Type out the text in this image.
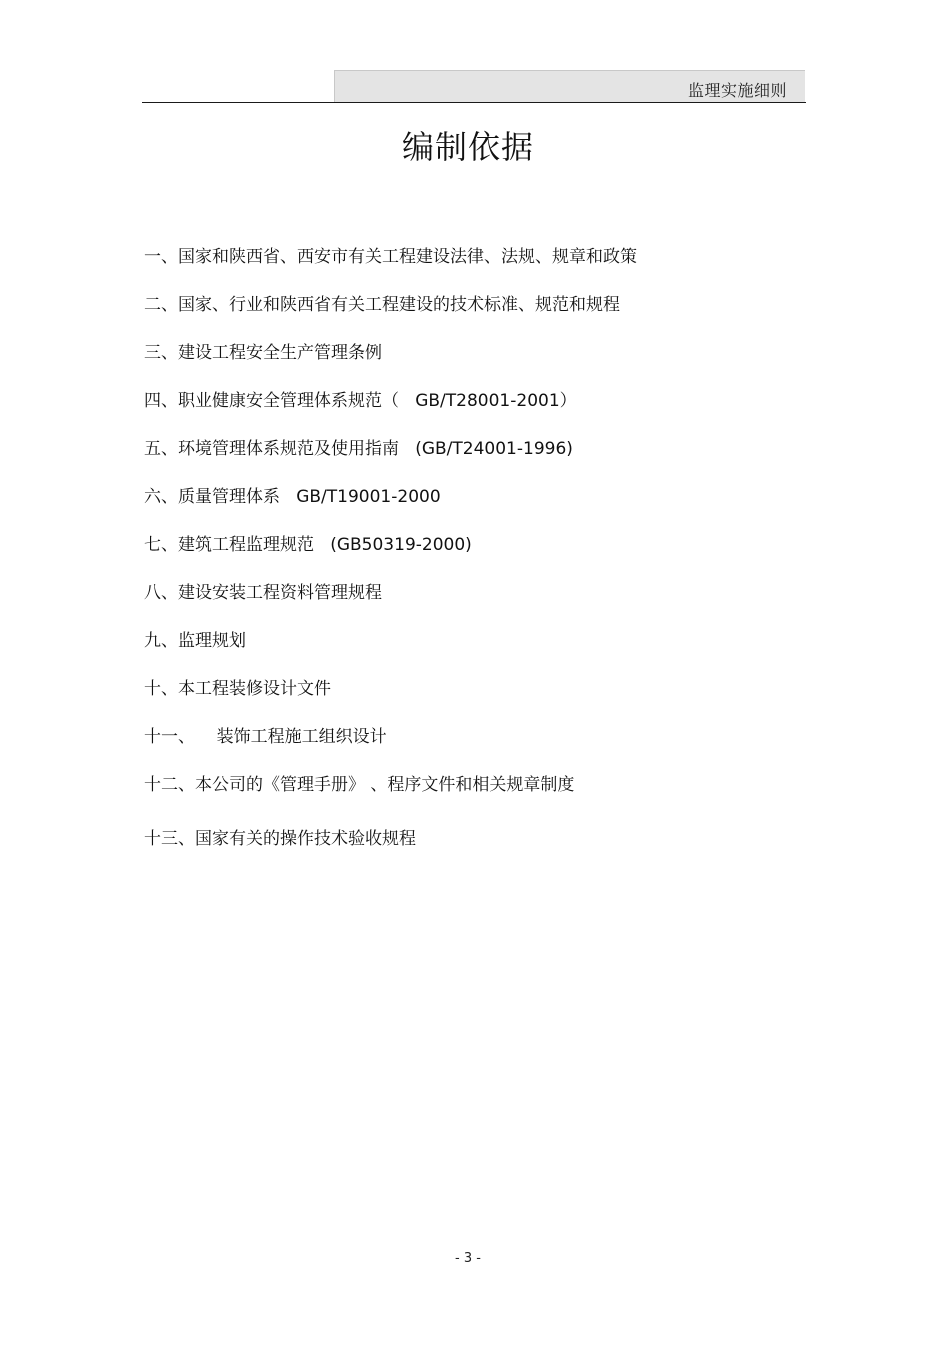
监理实施细则
编制依据
一、国家和陕西省、西安市有关工程建设法律、法规、规章和政策
二、国家、行业和陕西省有关工程建设的技术标准、规范和规程
三、建设工程安全生产管理条例
四、职业健康安全管理体系规范（   GB/T28001-2001）
五、环境管理体系规范及使用指南   (GB/T24001-1996)
六、质量管理体系   GB/T19001-2000
七、建筑工程监理规范   (GB50319-2000)
八、建设安装工程资料管理规程
九、监理规划
十、本工程装修设计文件
十一、    装饰工程施工组织设计
十二、本公司的《管理手册》 、程序文件和相关规章制度
十三、国家有关的操作技术验收规程
- 3 -
